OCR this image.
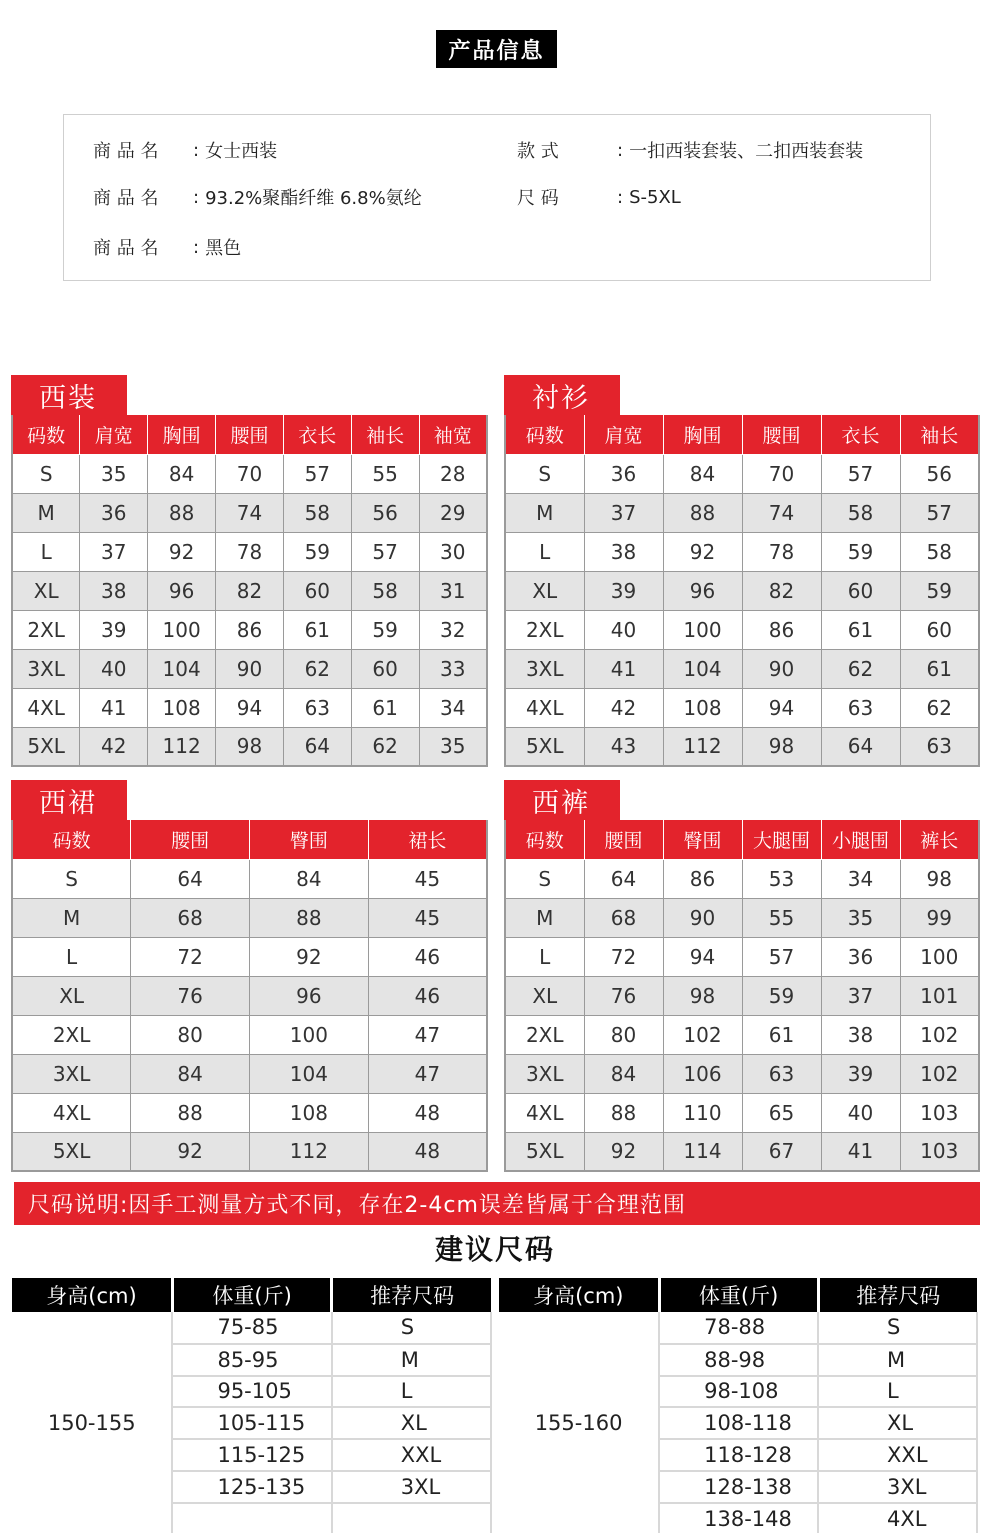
产品信息
商 品 名	: 女士西装	款 式	: 一扣西装套装、二扣西装套装
商 品 名	: 93.2%聚酯纤维 6.8%氨纶	尺 码	: S-5XL
商 品 名	: 黑色
西装	衬衫
西裙	西裤
码数	肩宽	胸围	腰围	衣长	袖长	袖宽
S	35	84	70	57	55	28
M	36	88	74	58	56	29
L	37	92	78	59	57	30
XL	38	96	82	60	58	31
2XL	39	100	86	61	59	32
3XL	40	104	90	62	60	33
4XL	41	108	94	63	61	34
5XL	42	112	98	64	62	35
码数	肩宽	胸围	腰围	衣长	袖长
S	36	84	70	57	56
M	37	88	74	58	57
L	38	92	78	59	58
XL	39	96	82	60	59
2XL	40	100	86	61	60
3XL	41	104	90	62	61
4XL	42	108	94	63	62
5XL	43	112	98	64	63
码数	腰围	臀围	裙长
S	64	84	45
M	68	88	45
L	72	92	46
XL	76	96	46
2XL	80	100	47
3XL	84	104	47
4XL	88	108	48
5XL	92	112	48
码数	腰围	臀围	大腿围	小腿围	裤长
S	64	86	53	34	98
M	68	90	55	35	99
L	72	94	57	36	100
XL	76	98	59	37	101
2XL	80	102	61	38	102
3XL	84	106	63	39	102
4XL	88	110	65	40	103
5XL	92	114	67	41	103
尺码说明:因手工测量方式不同，存在2-4cm误差皆属于合理范围
建议尺码
身高(cm)	体重(斤)	推荐尺码
150-155	75-85	S
	85-95	M
	95-105	L
	105-115	XL
	115-125	XXL
	125-135	3XL

身高(cm)	体重(斤)	推荐尺码
155-160	78-88	S
	88-98	M
	98-108	L
	108-118	XL
	118-128	XXL
	128-138	3XL
	138-148	4XL
